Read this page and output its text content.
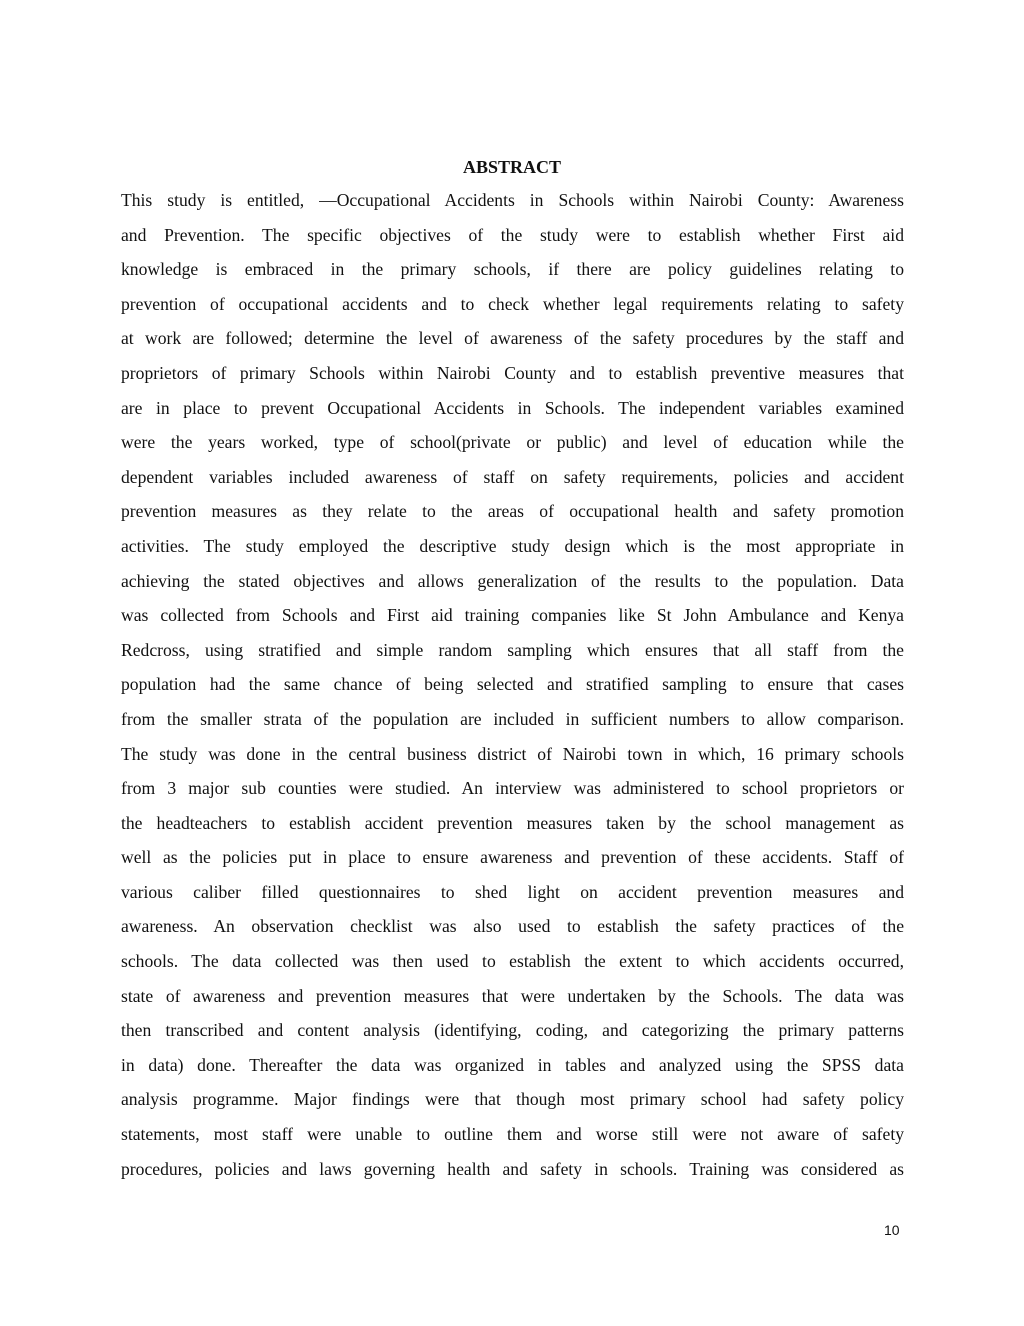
ABSTRACT
This study is entitled, ―Occupational Accidents in Schools within Nairobi County: Awareness
and Prevention. The specific objectives of the study were to establish whether First aid
knowledge is embraced in the primary schools, if there are policy guidelines relating to
prevention of occupational accidents and to check whether legal requirements relating to safety
at work are followed; determine the level of awareness of the safety procedures by the staff and
proprietors of primary Schools within Nairobi County and to establish preventive measures that
are in place to prevent Occupational Accidents in Schools. The independent variables examined
were the years worked, type of school(private or public) and level of education while the
dependent variables included awareness of staff on safety requirements, policies and accident
prevention measures as they relate to the areas of occupational health and safety promotion
activities. The study employed the descriptive study design which is the most appropriate in
achieving the stated objectives and allows generalization of the results to the population. Data
was collected from Schools and First aid training companies like St John Ambulance and Kenya
Redcross, using stratified and simple random sampling which ensures that all staff from the
population had the same chance of being selected and stratified sampling to ensure that cases
from the smaller strata of the population are included in sufficient numbers to allow comparison.
The study was done in the central business district of Nairobi town in which, 16 primary schools
from 3 major sub counties were studied. An interview was administered to school proprietors or
the headteachers to establish accident prevention measures taken by the school management as
well as the policies put in place to ensure awareness and prevention of these accidents. Staff of
various caliber filled questionnaires to shed light on accident prevention measures and
awareness. An observation checklist was also used to establish the safety practices of the
schools. The data collected was then used to establish the extent to which accidents occurred,
state of awareness and prevention measures that were undertaken by the Schools. The data was
then transcribed and content analysis (identifying, coding, and categorizing the primary patterns
in data) done. Thereafter the data was organized in tables and analyzed using the SPSS data
analysis programme. Major findings were that though most primary school had safety policy
statements, most staff were unable to outline them and worse still were not aware of safety
procedures, policies and laws governing health and safety in schools. Training was considered as
10
